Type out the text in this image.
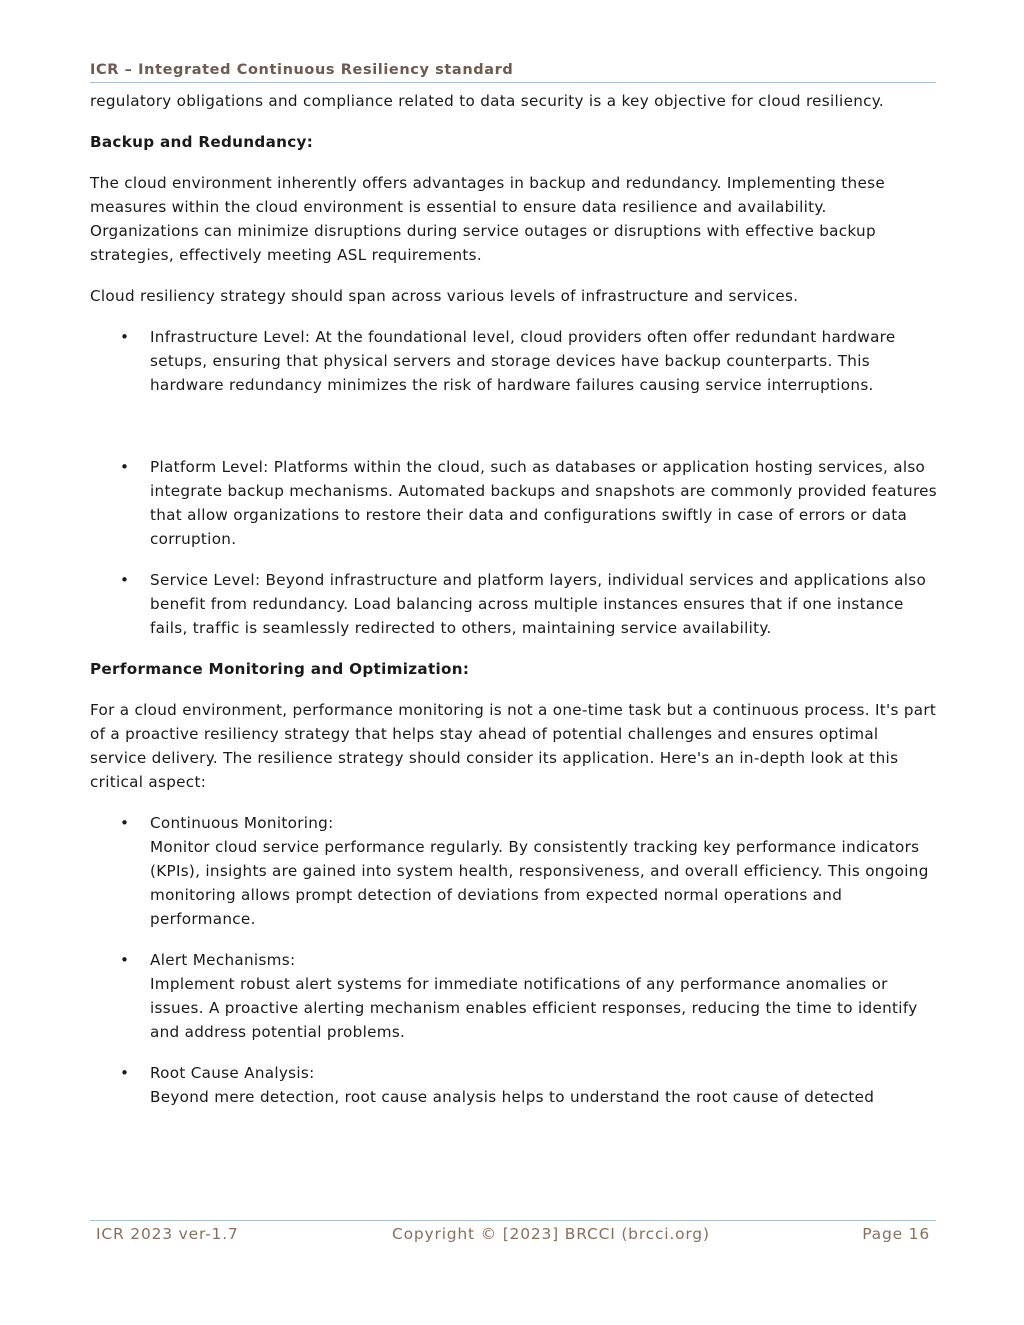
ICR – Integrated Continuous Resiliency standard

regulatory obligations and compliance related to data security is a key objective for cloud resiliency.

Backup and Redundancy:

The cloud environment inherently offers advantages in backup and redundancy. Implementing these measures within the cloud environment is essential to ensure data resilience and availability. Organizations can minimize disruptions during service outages or disruptions with effective backup strategies, effectively meeting ASL requirements.

Cloud resiliency strategy should span across various levels of infrastructure and services.

• Infrastructure Level: At the foundational level, cloud providers often offer redundant hardware setups, ensuring that physical servers and storage devices have backup counterparts. This hardware redundancy minimizes the risk of hardware failures causing service interruptions.
• Platform Level: Platforms within the cloud, such as databases or application hosting services, also integrate backup mechanisms. Automated backups and snapshots are commonly provided features that allow organizations to restore their data and configurations swiftly in case of errors or data corruption.
• Service Level: Beyond infrastructure and platform layers, individual services and applications also benefit from redundancy. Load balancing across multiple instances ensures that if one instance fails, traffic is seamlessly redirected to others, maintaining service availability.

Performance Monitoring and Optimization:

For a cloud environment, performance monitoring is not a one-time task but a continuous process. It's part of a proactive resiliency strategy that helps stay ahead of potential challenges and ensures optimal service delivery. The resilience strategy should consider its application. Here's an in-depth look at this critical aspect:

• Continuous Monitoring:
Monitor cloud service performance regularly. By consistently tracking key performance indicators (KPIs), insights are gained into system health, responsiveness, and overall efficiency. This ongoing monitoring allows prompt detection of deviations from expected normal operations and performance.
• Alert Mechanisms:
Implement robust alert systems for immediate notifications of any performance anomalies or issues. A proactive alerting mechanism enables efficient responses, reducing the time to identify and address potential problems.
• Root Cause Analysis:
Beyond mere detection, root cause analysis helps to understand the root cause of detected
ICR 2023 ver-1.7	Copyright © [2023] BRCCI (brcci.org)	Page 16
